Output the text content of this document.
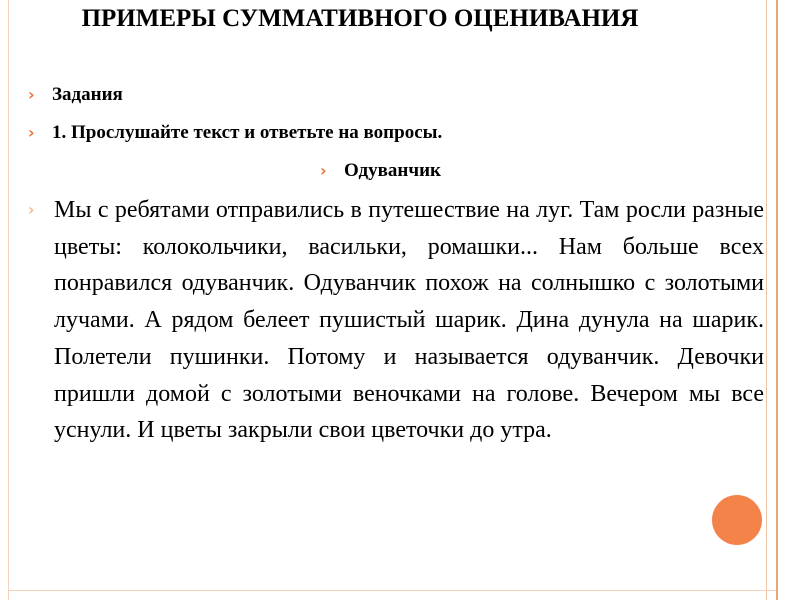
ПРИМЕРЫ СУММАТИВНОГО ОЦЕНИВАНИЯ
› Задания
› 1. Прослушайте текст и ответьте на вопросы.
› Одуванчик
› Мы с ребятами отправились в путешествие на луг. Там росли разные цветы: колокольчики, васильки, ромашки... Нам больше всех понравился одуванчик. Одуванчик похож на солнышко с золотыми лучами. А рядом белеет пушистый шарик. Дина дунула на шарик. Полетели пушинки. Потому и называется одуванчик. Девочки пришли домой с золотыми веночками на голове. Вечером мы все уснули. И цветы закрыли свои цветочки до утра.
